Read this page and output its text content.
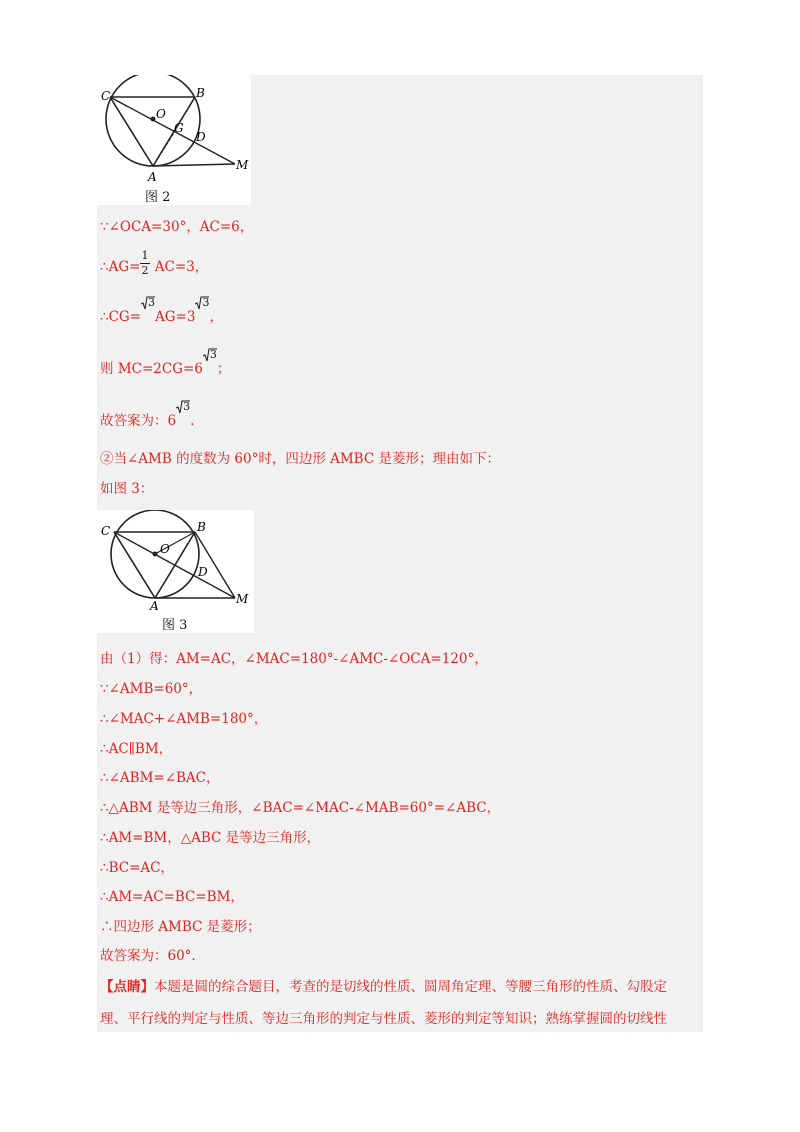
C	B
O
G
D
A
M
图 2
∵∠OCA=30°，AC=6，
∴AG= $\frac{1}{2} AC=3$，
∴CG=
3
AG=3
3
，
则 MC=2CG=6
3
；
故答案为：6
3
.
②当∠AMB 的度数为 60°时，四边形 AMBC 是菱形；理由如下：
如图 3：
C	B
O
D
A	M
图 3
由（1）得：AM=AC，∠MAC=180°-∠AMC-∠OCA=120°，
∵∠AMB=60°，
∴∠MAC+∠AMB=180°，
∴AC∥BM，
∴∠ABM=∠BAC，
∴△ABM 是等边三角形，∠BAC=∠MAC-∠MAB=60°=∠ABC，
∴AM=BM，△ABC 是等边三角形，
∴BC=AC，
∴AM=AC=BC=BM，
∴四边形 AMBC 是菱形；
故答案为：60°.
【点睛】本题是圆的综合题目，考查的是切线的性质、圆周角定理、等腰三角形的性质、勾股定
理、平行线的判定与性质、等边三角形的判定与性质、菱形的判定等知识；熟练掌握圆的切线性
